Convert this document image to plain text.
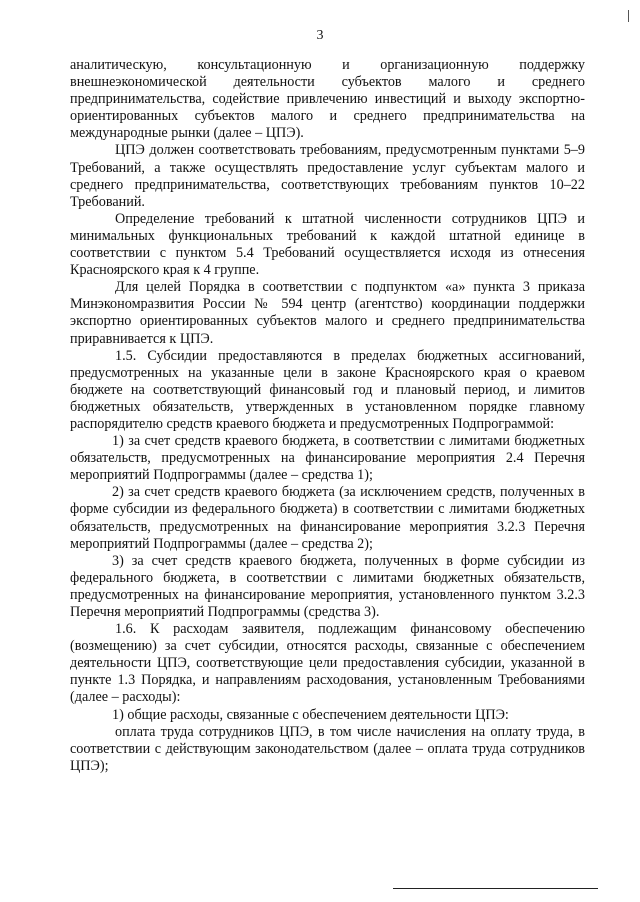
3

аналитическую, консультационную и организационную поддержку внешнеэкономической деятельности субъектов малого и среднего предпринимательства, содействие привлечению инвестиций и выходу экспортно-ориентированных субъектов малого и среднего предпринимательства на международные рынки (далее – ЦПЭ).

ЦПЭ должен соответствовать требованиям, предусмотренным пунктами 5–9 Требований, а также осуществлять предоставление услуг субъектам малого и среднего предпринимательства, соответствующих требованиям пунктов 10–22 Требований.

Определение требований к штатной численности сотрудников ЦПЭ и минимальных функциональных требований к каждой штатной единице в соответствии с пунктом 5.4 Требований осуществляется исходя из отнесения Красноярского края к 4 группе.

Для целей Порядка в соответствии с подпунктом «а» пункта 3 приказа Минэкономразвития России № 594 центр (агентство) координации поддержки экспортно ориентированных субъектов малого и среднего предпринимательства приравнивается к ЦПЭ.

1.5. Субсидии предоставляются в пределах бюджетных ассигнований, предусмотренных на указанные цели в законе Красноярского края о краевом бюджете на соответствующий финансовый год и плановый период, и лимитов бюджетных обязательств, утвержденных в установленном порядке главному распорядителю средств краевого бюджета и предусмотренных Подпрограммой:

1) за счет средств краевого бюджета, в соответствии с лимитами бюджетных обязательств, предусмотренных на финансирование мероприятия 2.4 Перечня мероприятий Подпрограммы (далее – средства 1);

2) за счет средств краевого бюджета (за исключением средств, полученных в форме субсидии из федерального бюджета) в соответствии с лимитами бюджетных обязательств, предусмотренных на финансирование мероприятия 3.2.3 Перечня мероприятий Подпрограммы (далее – средства 2);

3) за счет средств краевого бюджета, полученных в форме субсидии из федерального бюджета, в соответствии с лимитами бюджетных обязательств, предусмотренных на финансирование мероприятия, установленного пунктом 3.2.3 Перечня мероприятий Подпрограммы (средства 3).

1.6. К расходам заявителя, подлежащим финансовому обеспечению (возмещению) за счет субсидии, относятся расходы, связанные с обеспечением деятельности ЦПЭ, соответствующие цели предоставления субсидии, указанной в пункте 1.3 Порядка, и направлениям расходования, установленным Требованиями (далее – расходы):

1) общие расходы, связанные с обеспечением деятельности ЦПЭ:

оплата труда сотрудников ЦПЭ, в том числе начисления на оплату труда, в соответствии с действующим законодательством (далее – оплата труда сотрудников ЦПЭ);
